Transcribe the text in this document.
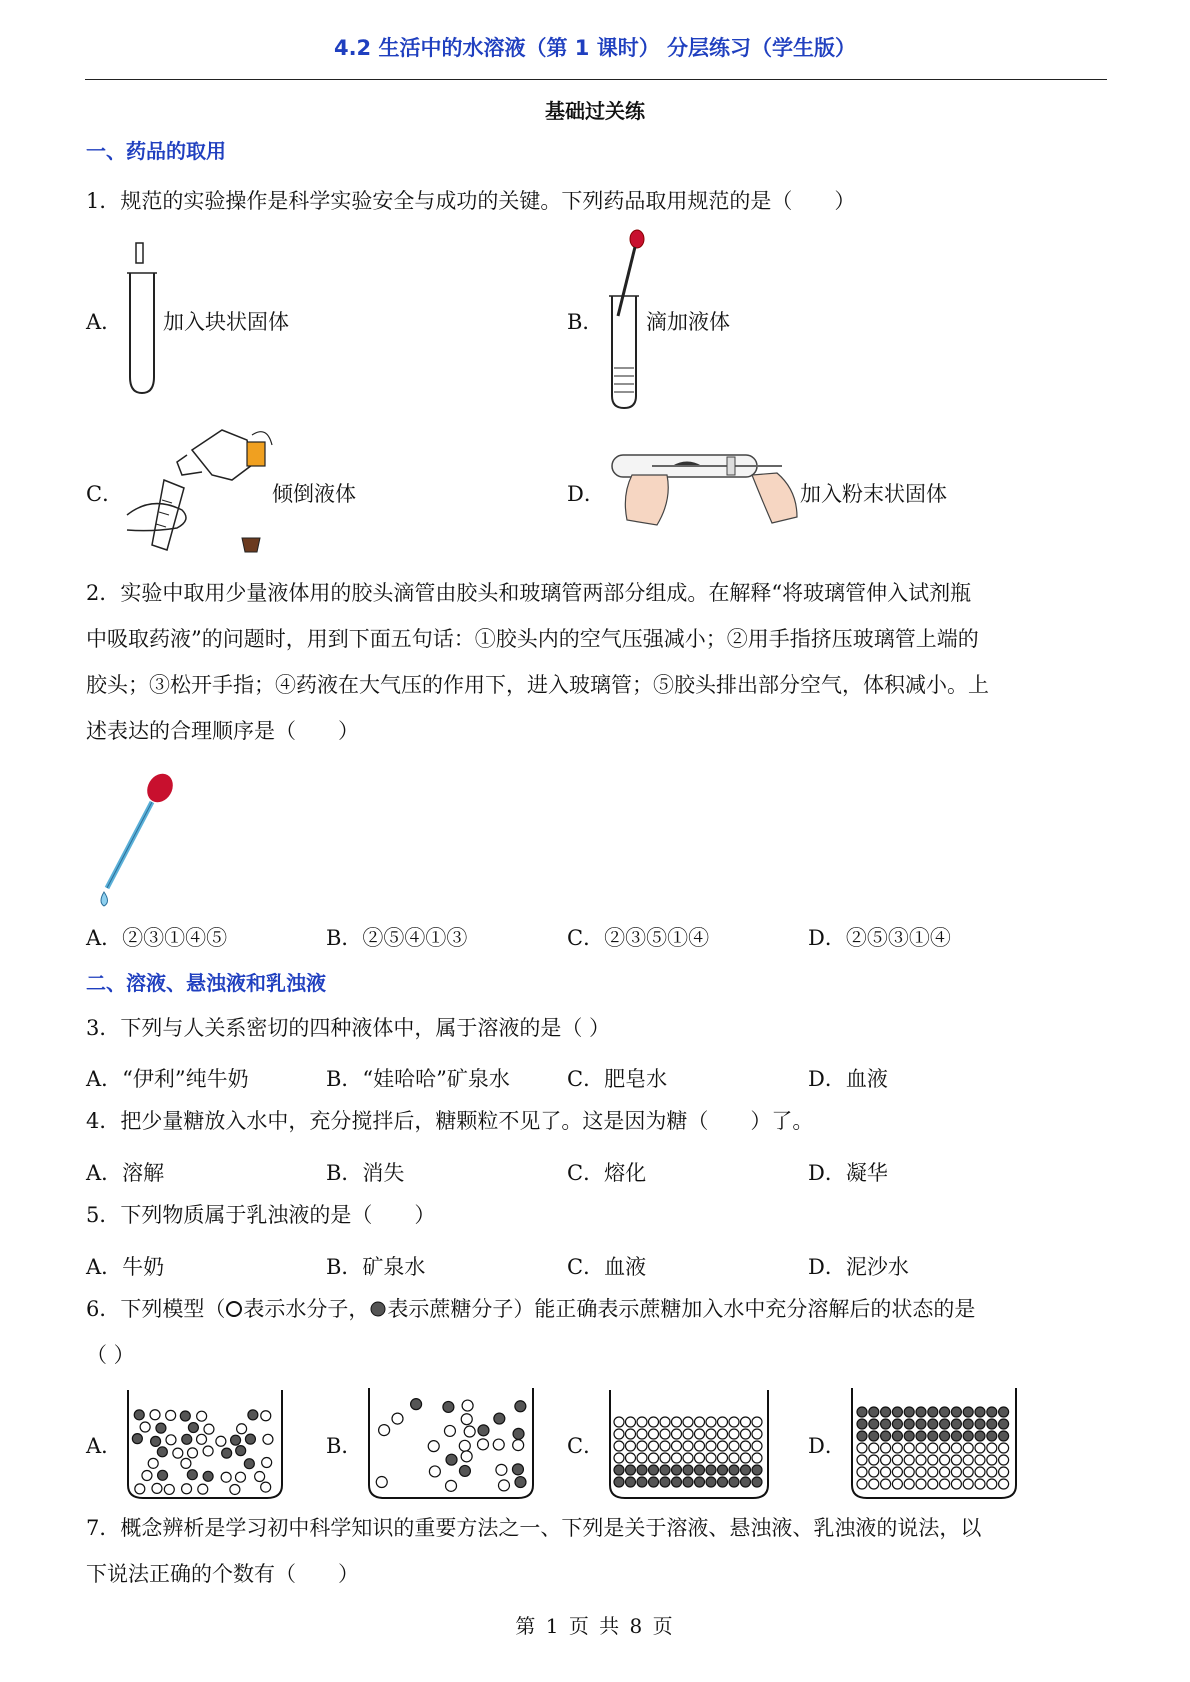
4.2 生活中的水溶液（第 1 课时） 分层练习（学生版）
基础过关练
一、药品的取用
1．规范的实验操作是科学实验安全与成功的关键。下列药品取用规范的是（　　）
A． 加入块状固体	B． 滴加液体
C．	倾倒液体	D．	加入粉末状固体
2．实验中取用少量液体用的胶头滴管由胶头和玻璃管两部分组成。在解释“将玻璃管伸入试剂瓶
中吸取药液”的问题时，用到下面五句话：①胶头内的空气压强减小；②用手指挤压玻璃管上端的
胶头；③松开手指；④药液在大气压的作用下，进入玻璃管；⑤胶头排出部分空气，体积减小。上
述表达的合理顺序是（　　）
A．②③①④⑤	B．②⑤④①③	C．②③⑤①④	D．②⑤③①④
二、溶液、悬浊液和乳浊液
3．下列与人关系密切的四种液体中，属于溶液的是（ ）
A．“伊利”纯牛奶	B．“娃哈哈”矿泉水	C．肥皂水	D．血液
4．把少量糖放入水中，充分搅拌后，糖颗粒不见了。这是因为糖（　　）了。
A．溶解	B．消失	C．熔化	D．凝华
5．下列物质属于乳浊液的是（　　）
A．牛奶	B．矿泉水	C．血液	D．泥沙水
6．下列模型（ 表示水分子， 表示蔗糖分子）能正确表示蔗糖加入水中充分溶解后的状态的是
（ ）
A．	B．	C．	D．
7．概念辨析是学习初中科学知识的重要方法之一、下列是关于溶液、悬浊液、乳浊液的说法，以
下说法正确的个数有（　　）
第 1 页 共 8 页
